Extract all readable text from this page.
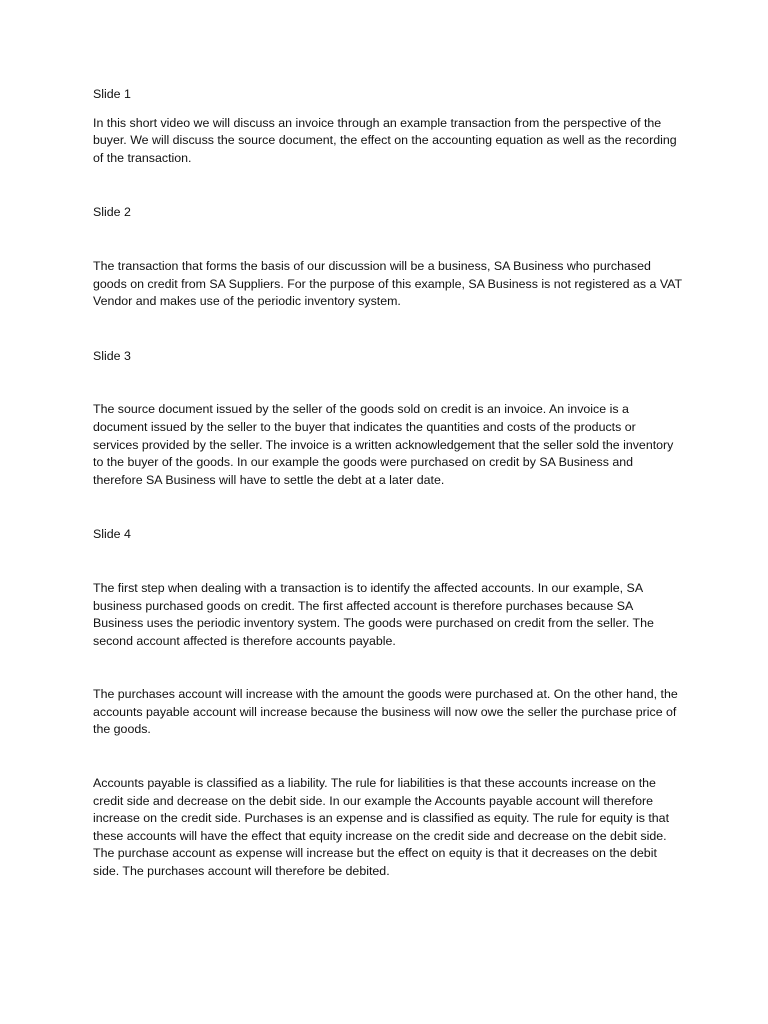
Slide 1

In this short video we will discuss an invoice through an example transaction from the perspective of the buyer. We will discuss the source document, the effect on the accounting equation as well as the recording of the transaction.

Slide 2

The transaction that forms the basis of our discussion will be a business, SA Business who purchased goods on credit from SA Suppliers. For the purpose of this example, SA Business is not registered as a VAT Vendor and makes use of the periodic inventory system.

Slide 3

The source document issued by the seller of the goods sold on credit is an invoice. An invoice is a document issued by the seller to the buyer that indicates the quantities and costs of the products or services provided by the seller. The invoice is a written acknowledgement that the seller sold the inventory to the buyer of the goods. In our example the goods were purchased on credit by SA Business and therefore SA Business will have to settle the debt at a later date.

Slide 4

The first step when dealing with a transaction is to identify the affected accounts. In our example, SA business purchased goods on credit. The first affected account is therefore purchases because SA Business uses the periodic inventory system. The goods were purchased on credit from the seller. The second account affected is therefore accounts payable.

The purchases account will increase with the amount the goods were purchased at. On the other hand, the accounts payable account will increase because the business will now owe the seller the purchase price of the goods.

Accounts payable is classified as a liability. The rule for liabilities is that these accounts increase on the credit side and decrease on the debit side. In our example the Accounts payable account will therefore increase on the credit side. Purchases is an expense and is classified as equity. The rule for equity is that these accounts will have the effect that equity increase on the credit side and decrease on the debit side. The purchase account as expense will increase but the effect on equity is that it decreases on the debit side. The purchases account will therefore be debited.
